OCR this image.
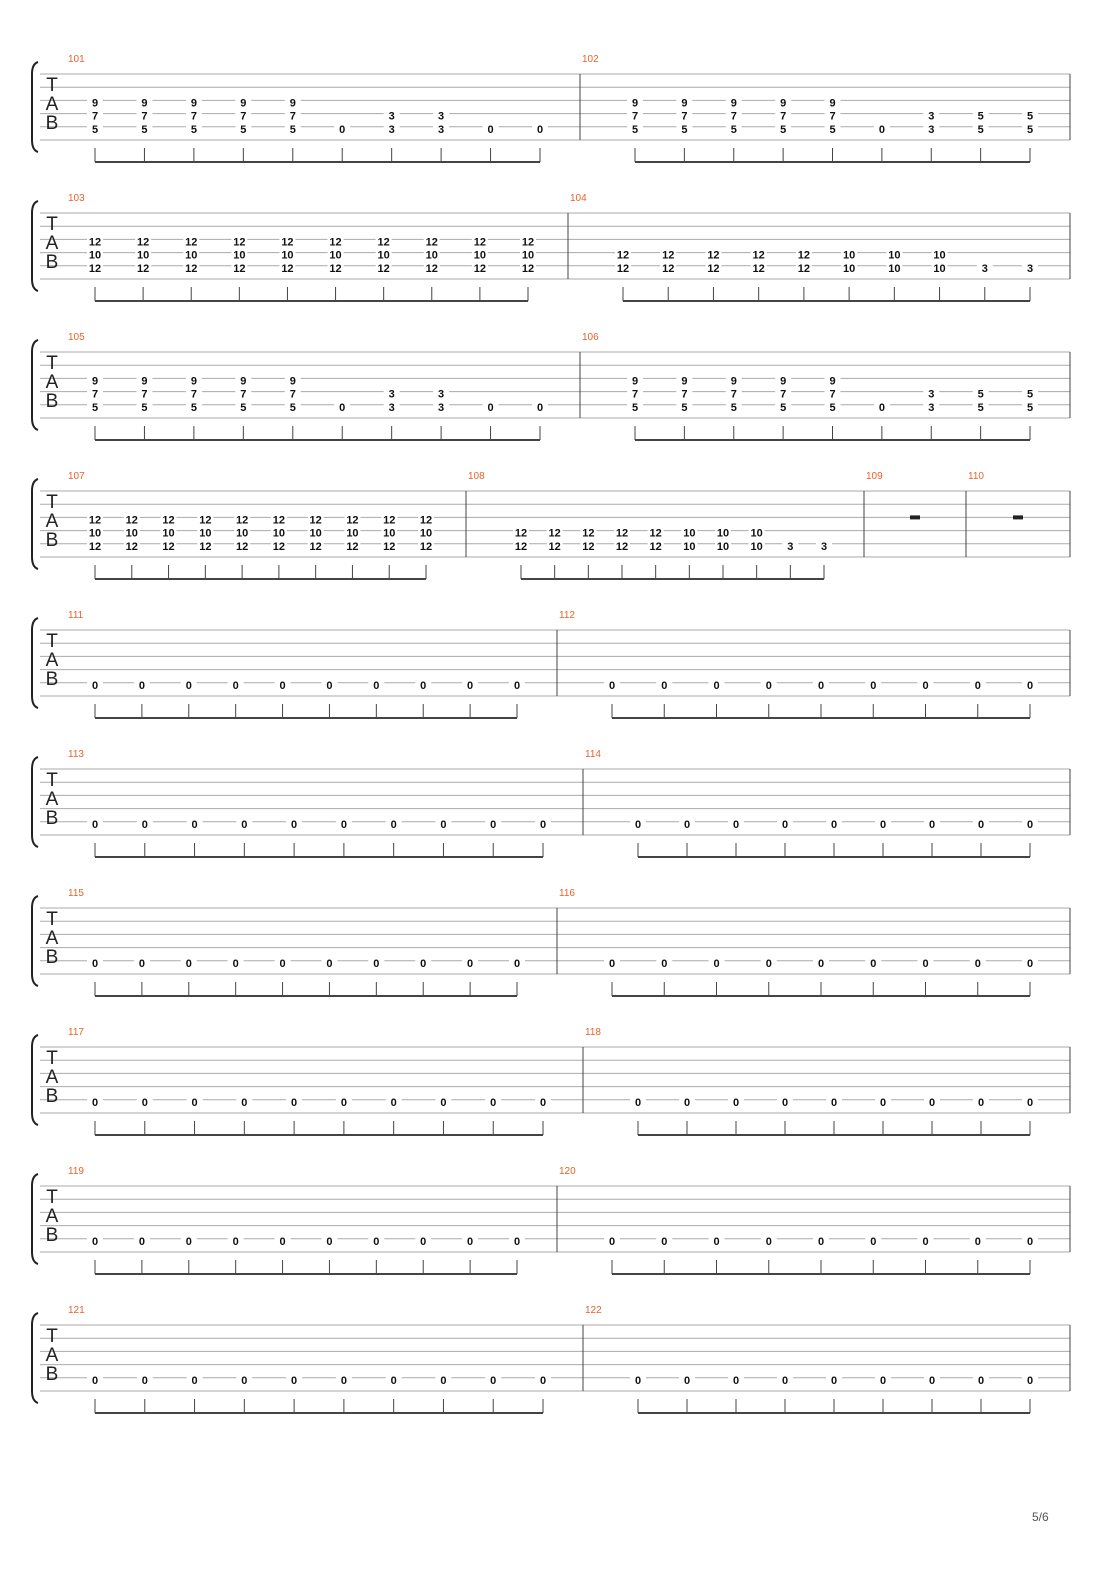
T
A
B
101
9
7
5
9
7
5
9
7
5
9
7
5
9
7
5	0
3
3
3
3	0	0
102
9
7
5
9
7
5
9
7
5
9
7
5
9
7
5	0
3
3
5
5
5
5
T
A
B
103
12
10
12
12
10
12
12
10
12
12
10
12
12
10
12
12
10
12
12
10
12
12
10
12
12
10
12
12
10
12
104
12
12
12
12
12
12
12
12
12
12
10
10
10
10
10
10	3	3
T
A
B
105
9
7
5
9
7
5
9
7
5
9
7
5
9
7
5	0
3
3
3
3	0	0
106
9
7
5
9
7
5
9
7
5
9
7
5
9
7
5	0
3
3
5
5
5
5
T
A
B
107
12
10
12
12
10
12
12
10
12
12
10
12
12
10
12
12
10
12
12
10
12
12
10
12
12
10
12
12
10
12
108
12
12
12
12
12
12
12
12
12
12
10
10
10
10
10
10 3	3
109	110
T
A
B
111
0	0	0	0	0	0	0	0	0	0
112
0	0	0	0	0	0	0	0	0
T
A
B
113
0	0	0	0	0	0	0	0	0	0
114
0	0	0	0	0	0	0	0	0
T
A
B
115
0	0	0	0	0	0	0	0	0	0
116
0	0	0	0	0	0	0	0	0
T
A
B
117
0	0	0	0	0	0	0	0	0	0
118
0	0	0	0	0	0	0	0	0
T
A
B
119
0	0	0	0	0	0	0	0	0	0
120
0	0	0	0	0	0	0	0	0
T
A
B
121
0	0	0	0	0	0	0	0	0	0
122
0	0	0	0	0	0	0	0	0
5/6
